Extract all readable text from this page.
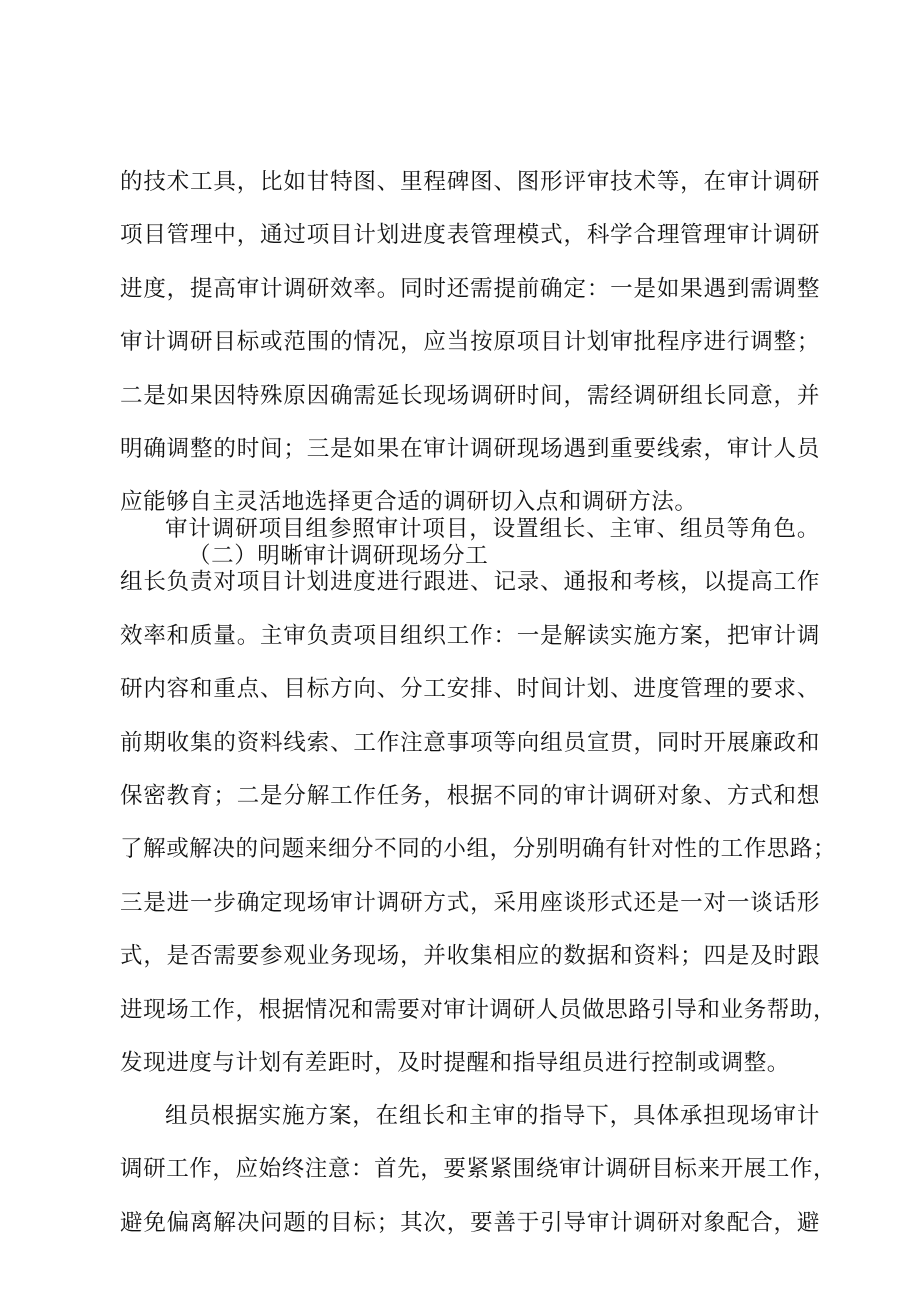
的技术工具，比如甘特图、里程碑图、图形评审技术等，在审计调研
项目管理中，通过项目计划进度表管理模式，科学合理管理审计调研
进度，提高审计调研效率。同时还需提前确定：一是如果遇到需调整
审计调研目标或范围的情况，应当按原项目计划审批程序进行调整；
二是如果因特殊原因确需延长现场调研时间，需经调研组长同意，并
明确调整的时间；三是如果在审计调研现场遇到重要线索，审计人员
应能够自主灵活地选择更合适的调研切入点和调研方法。
（二）明晰审计调研现场分工
审计调研项目组参照审计项目，设置组长、主审、组员等角色。
组长负责对项目计划进度进行跟进、记录、通报和考核，以提高工作
效率和质量。主审负责项目组织工作：一是解读实施方案，把审计调
研内容和重点、目标方向、分工安排、时间计划、进度管理的要求、
前期收集的资料线索、工作注意事项等向组员宣贯，同时开展廉政和
保密教育；二是分解工作任务，根据不同的审计调研对象、方式和想
了解或解决的问题来细分不同的小组，分别明确有针对性的工作思路；
三是进一步确定现场审计调研方式，采用座谈形式还是一对一谈话形
式，是否需要参观业务现场，并收集相应的数据和资料；四是及时跟
进现场工作，根据情况和需要对审计调研人员做思路引导和业务帮助，
发现进度与计划有差距时，及时提醒和指导组员进行控制或调整。
组员根据实施方案，在组长和主审的指导下，具体承担现场审计
调研工作，应始终注意：首先，要紧紧围绕审计调研目标来开展工作，
避免偏离解决问题的目标；其次，要善于引导审计调研对象配合，避
